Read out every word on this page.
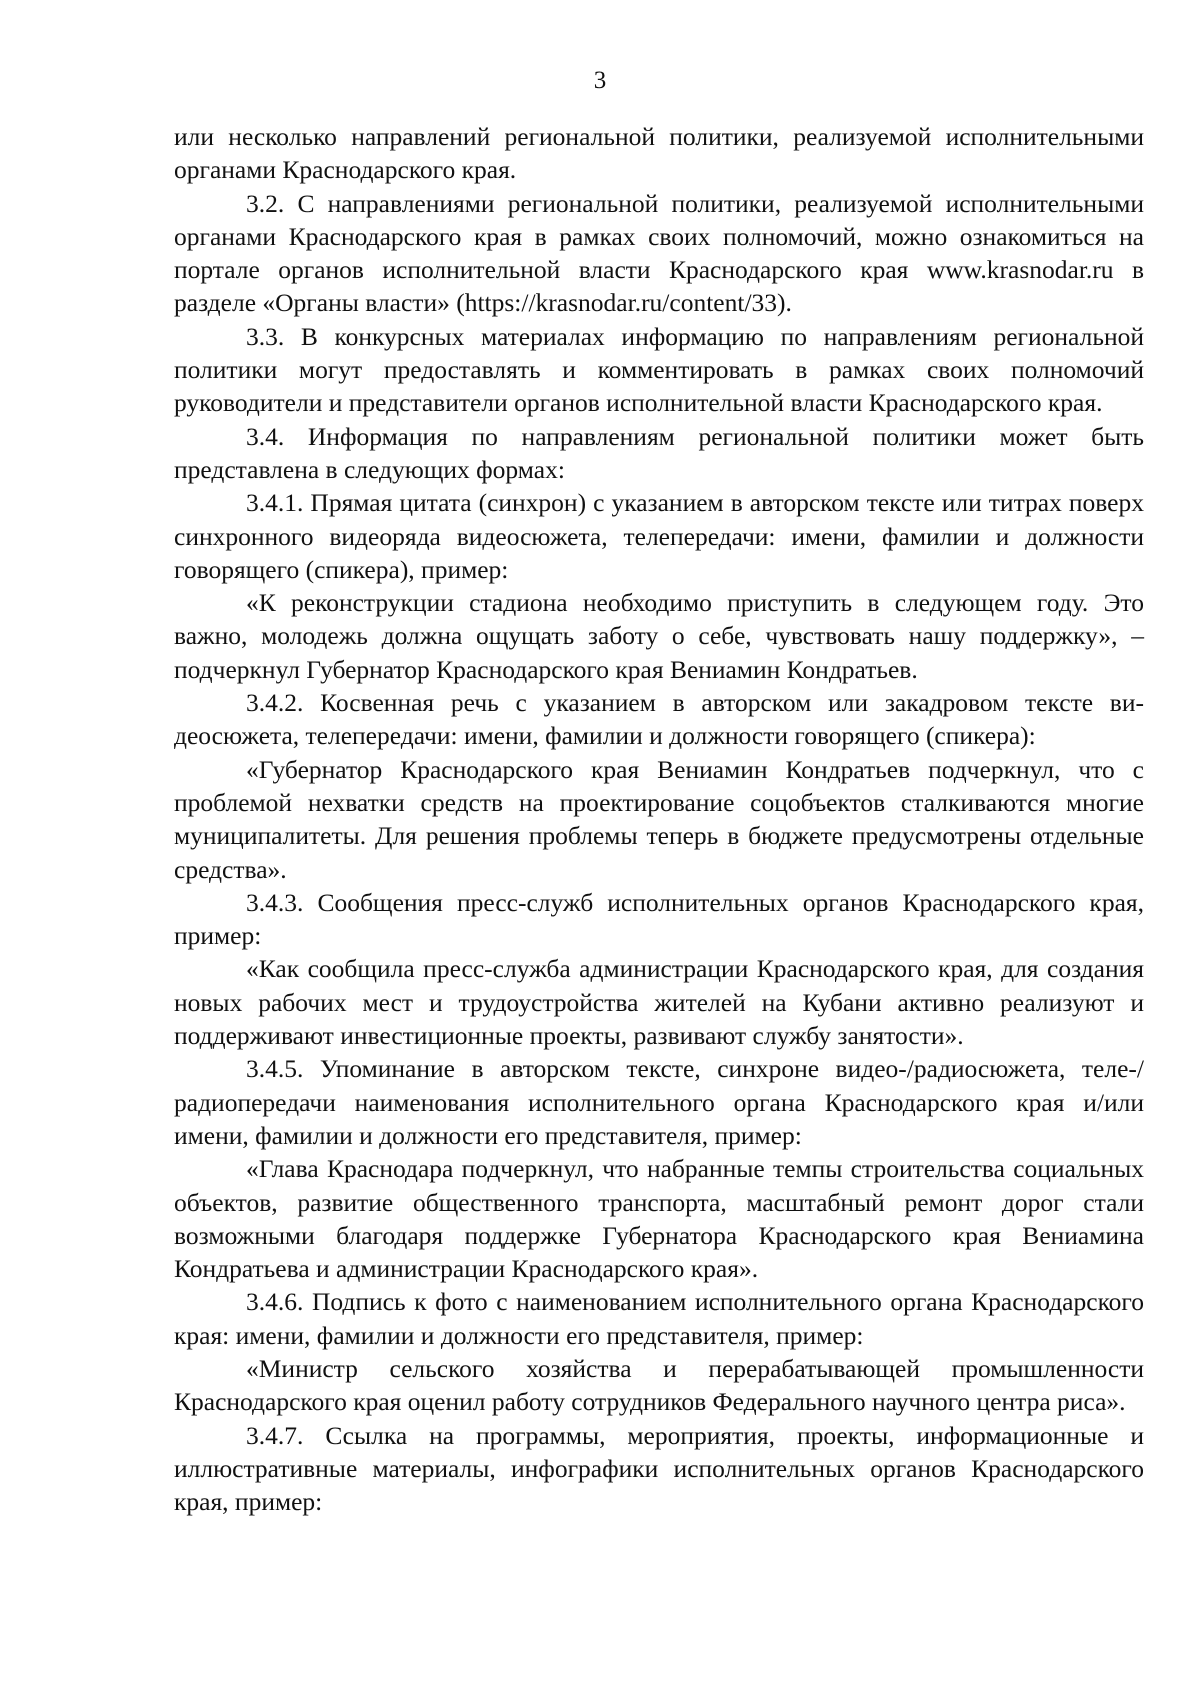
3

или несколько направлений региональной политики, реализуемой исполнительными органами Краснодарского края.

3.2. С направлениями региональной политики, реализуемой исполнительными органами Краснодарского края в рамках своих полномочий, можно ознакомиться на портале органов исполнительной власти Краснодарского края www.krasnodar.ru в разделе «Органы власти» (https://krasnodar.ru/content/33).

3.3. В конкурсных материалах информацию по направлениям региональной политики могут предоставлять и комментировать в рамках своих полномочий руководители и представители органов исполнительной власти Краснодарского края.

3.4. Информация по направлениям региональной политики может быть представлена в следующих формах:

3.4.1. Прямая цитата (синхрон) с указанием в авторском тексте или титрах поверх синхронного видеоряда видеосюжета, телепередачи: имени, фамилии и должности говорящего (спикера), пример:

«К реконструкции стадиона необходимо приступить в следующем году. Это важно, молодежь должна ощущать заботу о себе, чувствовать нашу поддержку», – подчеркнул Губернатор Краснодарского края Вениамин Кондратьев.

3.4.2. Косвенная речь с указанием в авторском или закадровом тексте видеосюжета, телепередачи: имени, фамилии и должности говорящего (спикера):

«Губернатор Краснодарского края Вениамин Кондратьев подчеркнул, что с проблемой нехватки средств на проектирование соцобъектов сталкиваются многие муниципалитеты. Для решения проблемы теперь в бюджете предусмотрены отдельные средства».

3.4.3. Сообщения пресс-служб исполнительных органов Краснодарского края, пример:

«Как сообщила пресс-служба администрации Краснодарского края, для создания новых рабочих мест и трудоустройства жителей на Кубани активно реализуют и поддерживают инвестиционные проекты, развивают службу занятости».

3.4.5. Упоминание в авторском тексте, синхроне видео-/радиосюжета, теле-/радиопередачи наименования исполнительного органа Краснодарского края и/или имени, фамилии и должности его представителя, пример:

«Глава Краснодара подчеркнул, что набранные темпы строительства социальных объектов, развитие общественного транспорта, масштабный ремонт дорог стали возможными благодаря поддержке Губернатора Краснодарского края Вениамина Кондратьева и администрации Краснодарского края».

3.4.6. Подпись к фото с наименованием исполнительного органа Краснодарского края: имени, фамилии и должности его представителя, пример:

«Министр сельского хозяйства и перерабатывающей промышленности Краснодарского края оценил работу сотрудников Федерального научного центра риса».

3.4.7. Ссылка на программы, мероприятия, проекты, информационные и иллюстративные материалы, инфографики исполнительных органов Краснодарского края, пример:
